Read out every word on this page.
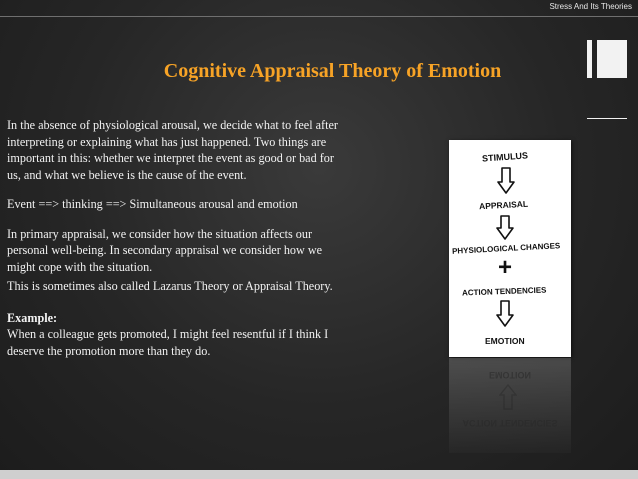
Stress And Its Theories
Cognitive Appraisal Theory of Emotion

In the absence of physiological arousal, we decide what to feel after interpreting or explaining what has just happened. Two things are important in this: whether we interpret the event as good or bad for us, and what we believe is the cause of the event.

Event ==> thinking ==> Simultaneous arousal and emotion

In primary appraisal, we consider how the situation affects our personal well-being. In secondary appraisal we consider how we might cope with the situation.

This is sometimes also called Lazarus Theory or Appraisal Theory.

Example:

When a colleague gets promoted, I might feel resentful if I think I deserve the promotion more than they do.

STIMULUS
APPRAISAL
PHYSIOLOGICAL CHANGES
+
ACTION TENDENCIES
EMOTION
EMOTION
ACTION TENDENCIES
